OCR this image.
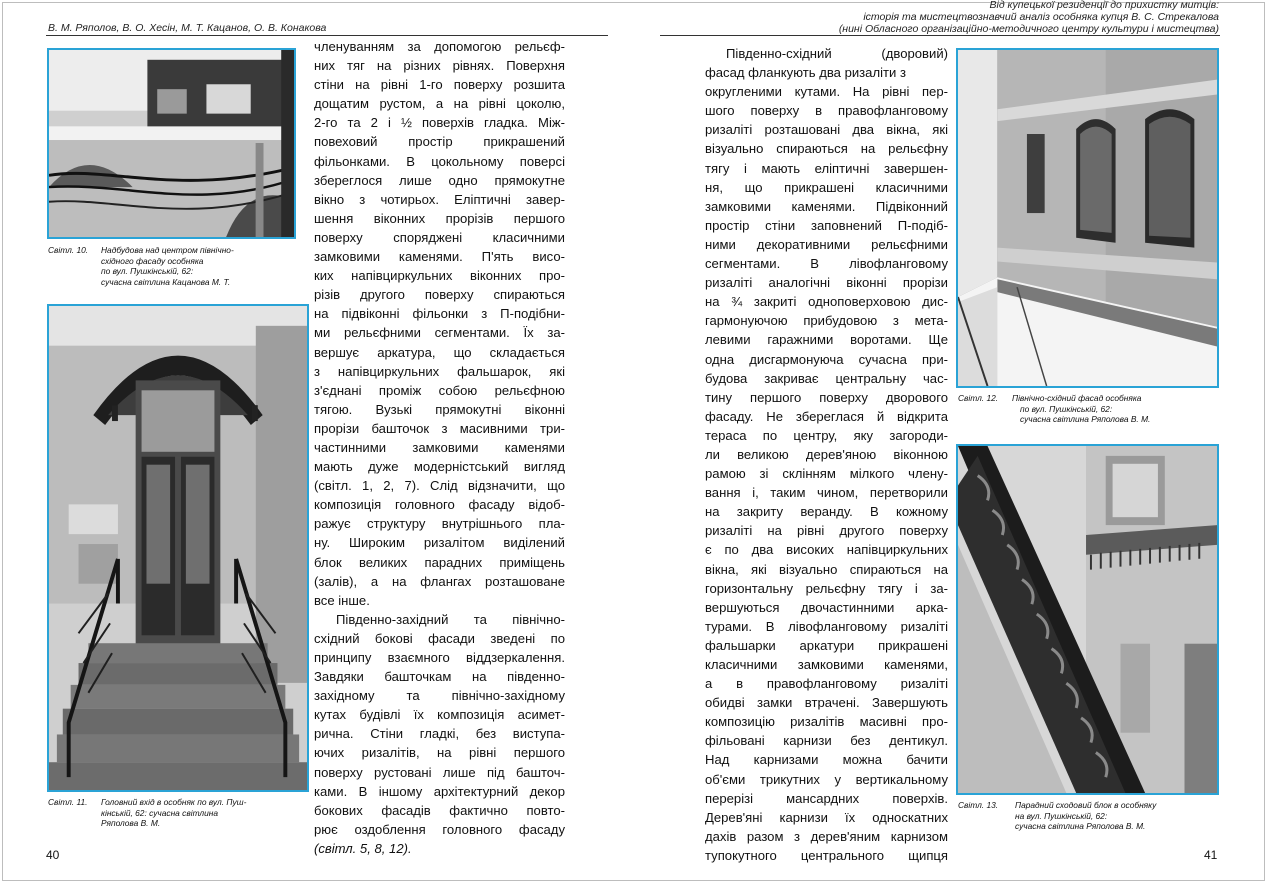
В. М. Ряполов, В. О. Хесін, М. Т. Кацанов, О. В. Конакова
Світл. 10. Надбудова над центром північно-
східного фасаду особняка
по вул. Пушкінській, 62:
сучасна світлина Кацанова М. Т.
Світл. 11. Головний вхід в особняк по вул. Пуш-
кінській, 62: сучасна світлина
Ряполова В. М.
членуванням за допомогою рельєф-
них тяг на різних рівнях. Поверхня
стіни на рівні 1-го поверху розшита
дощатим рустом, а на рівні цоколю,
2-го та 2 і ½ поверхів гладка. Між-
повеховий простір прикрашений
фільонками. В цокольному поверсі
збереглося лише одно прямокутне
вікно з чотирьох. Еліптичні завер-
шення віконних прорізів першого
поверху споряджені класичними
замковими каменями. П'ять висо-
ких напівциркульних віконних про-
різів другого поверху спираються
на підвіконні фільонки з П-подібни-
ми рельєфними сегментами. Їх за-
вершує аркатура, що складається
з напівциркульних фальшарок, які
з'єднані проміж собою рельєфною
тягою. Вузькі прямокутні віконні
прорізи башточок з масивними три-
частинними замковими каменями
мають дуже модерністський вигляд
(світл. 1, 2, 7). Слід відзначити, що
композиція головного фасаду відоб-
ражує структуру внутрішнього пла-
ну. Широким ризалітом виділений
блок великих парадних приміщень
(залів), а на флангах розташоване
все інше.
Південно-західний та північно-
східний бокові фасади зведені по
принципу взаємного віддзеркалення.
Завдяки башточкам на південно-
західному та північно-західному
кутах будівлі їх композиція асимет-
рична. Стіни гладкі, без виступа-
ючих ризалітів, на рівні першого
поверху рустовані лише під башточ-
ками. В іншому архітектурний декор
бокових фасадів фактично повто-
рює оздоблення головного фасаду
(світл. 5, 8, 12).
40
Від купецької резиденції до прихистку митців:
історія та мистецтвознавчий аналіз особняка купця В. С. Стрекалова
(нині Обласного організаційно-методичного центру культури і мистецтва)
Південно-східний (дворовий)
фасад фланкують два ризаліти з
округленими кутами. На рівні пер-
шого поверху в правофланговому
ризаліті розташовані два вікна, які
візуально спираються на рельєфну
тягу і мають еліптичні завершен-
ня, що прикрашені класичними
замковими каменями. Підвіконний
простір стіни заповнений П-подіб-
ними декоративними рельєфними
сегментами. В лівофланговому
ризаліті аналогічні віконні прорізи
на ¾ закриті одноповерховою дис-
гармонуючою прибудовою з мета-
левими гаражними воротами. Ще
одна дисгармонуюча сучасна при-
будова закриває центральну час-
тину першого поверху дворового
фасаду. Не збереглася й відкрита
тераса по центру, яку загороди-
ли великою дерев'яною віконною
рамою зі склінням мілкого члену-
вання і, таким чином, перетворили
на закриту веранду. В кожному
ризаліті на рівні другого поверху
є по два високих напівциркульних
вікна, які візуально спираються на
горизонтальну рельєфну тягу і за-
вершуються двочастинними арка-
турами. В лівофланговому ризаліті
фальшарки аркатури прикрашені
класичними замковими каменями,
а в правофланговому ризаліті
обидві замки втрачені. Завершують
композицію ризалітів масивні про-
фільовані карнизи без дентикул.
Над карнизами можна бачити
об'єми трикутних у вертикальному
перерізі мансардних поверхів.
Дерев'яні карнизи їх односкатних
дахів разом з дерев'яним карнизом
тупокутного центрального щипця
Світл. 12. Північно-східний фасад особняка
по вул. Пушкінській, 62:
сучасна світлина Ряполова В. М.
Світл. 13. Парадний сходовий блок в особняку
на вул. Пушкінській, 62:
сучасна світлина Ряполова В. М.
41
